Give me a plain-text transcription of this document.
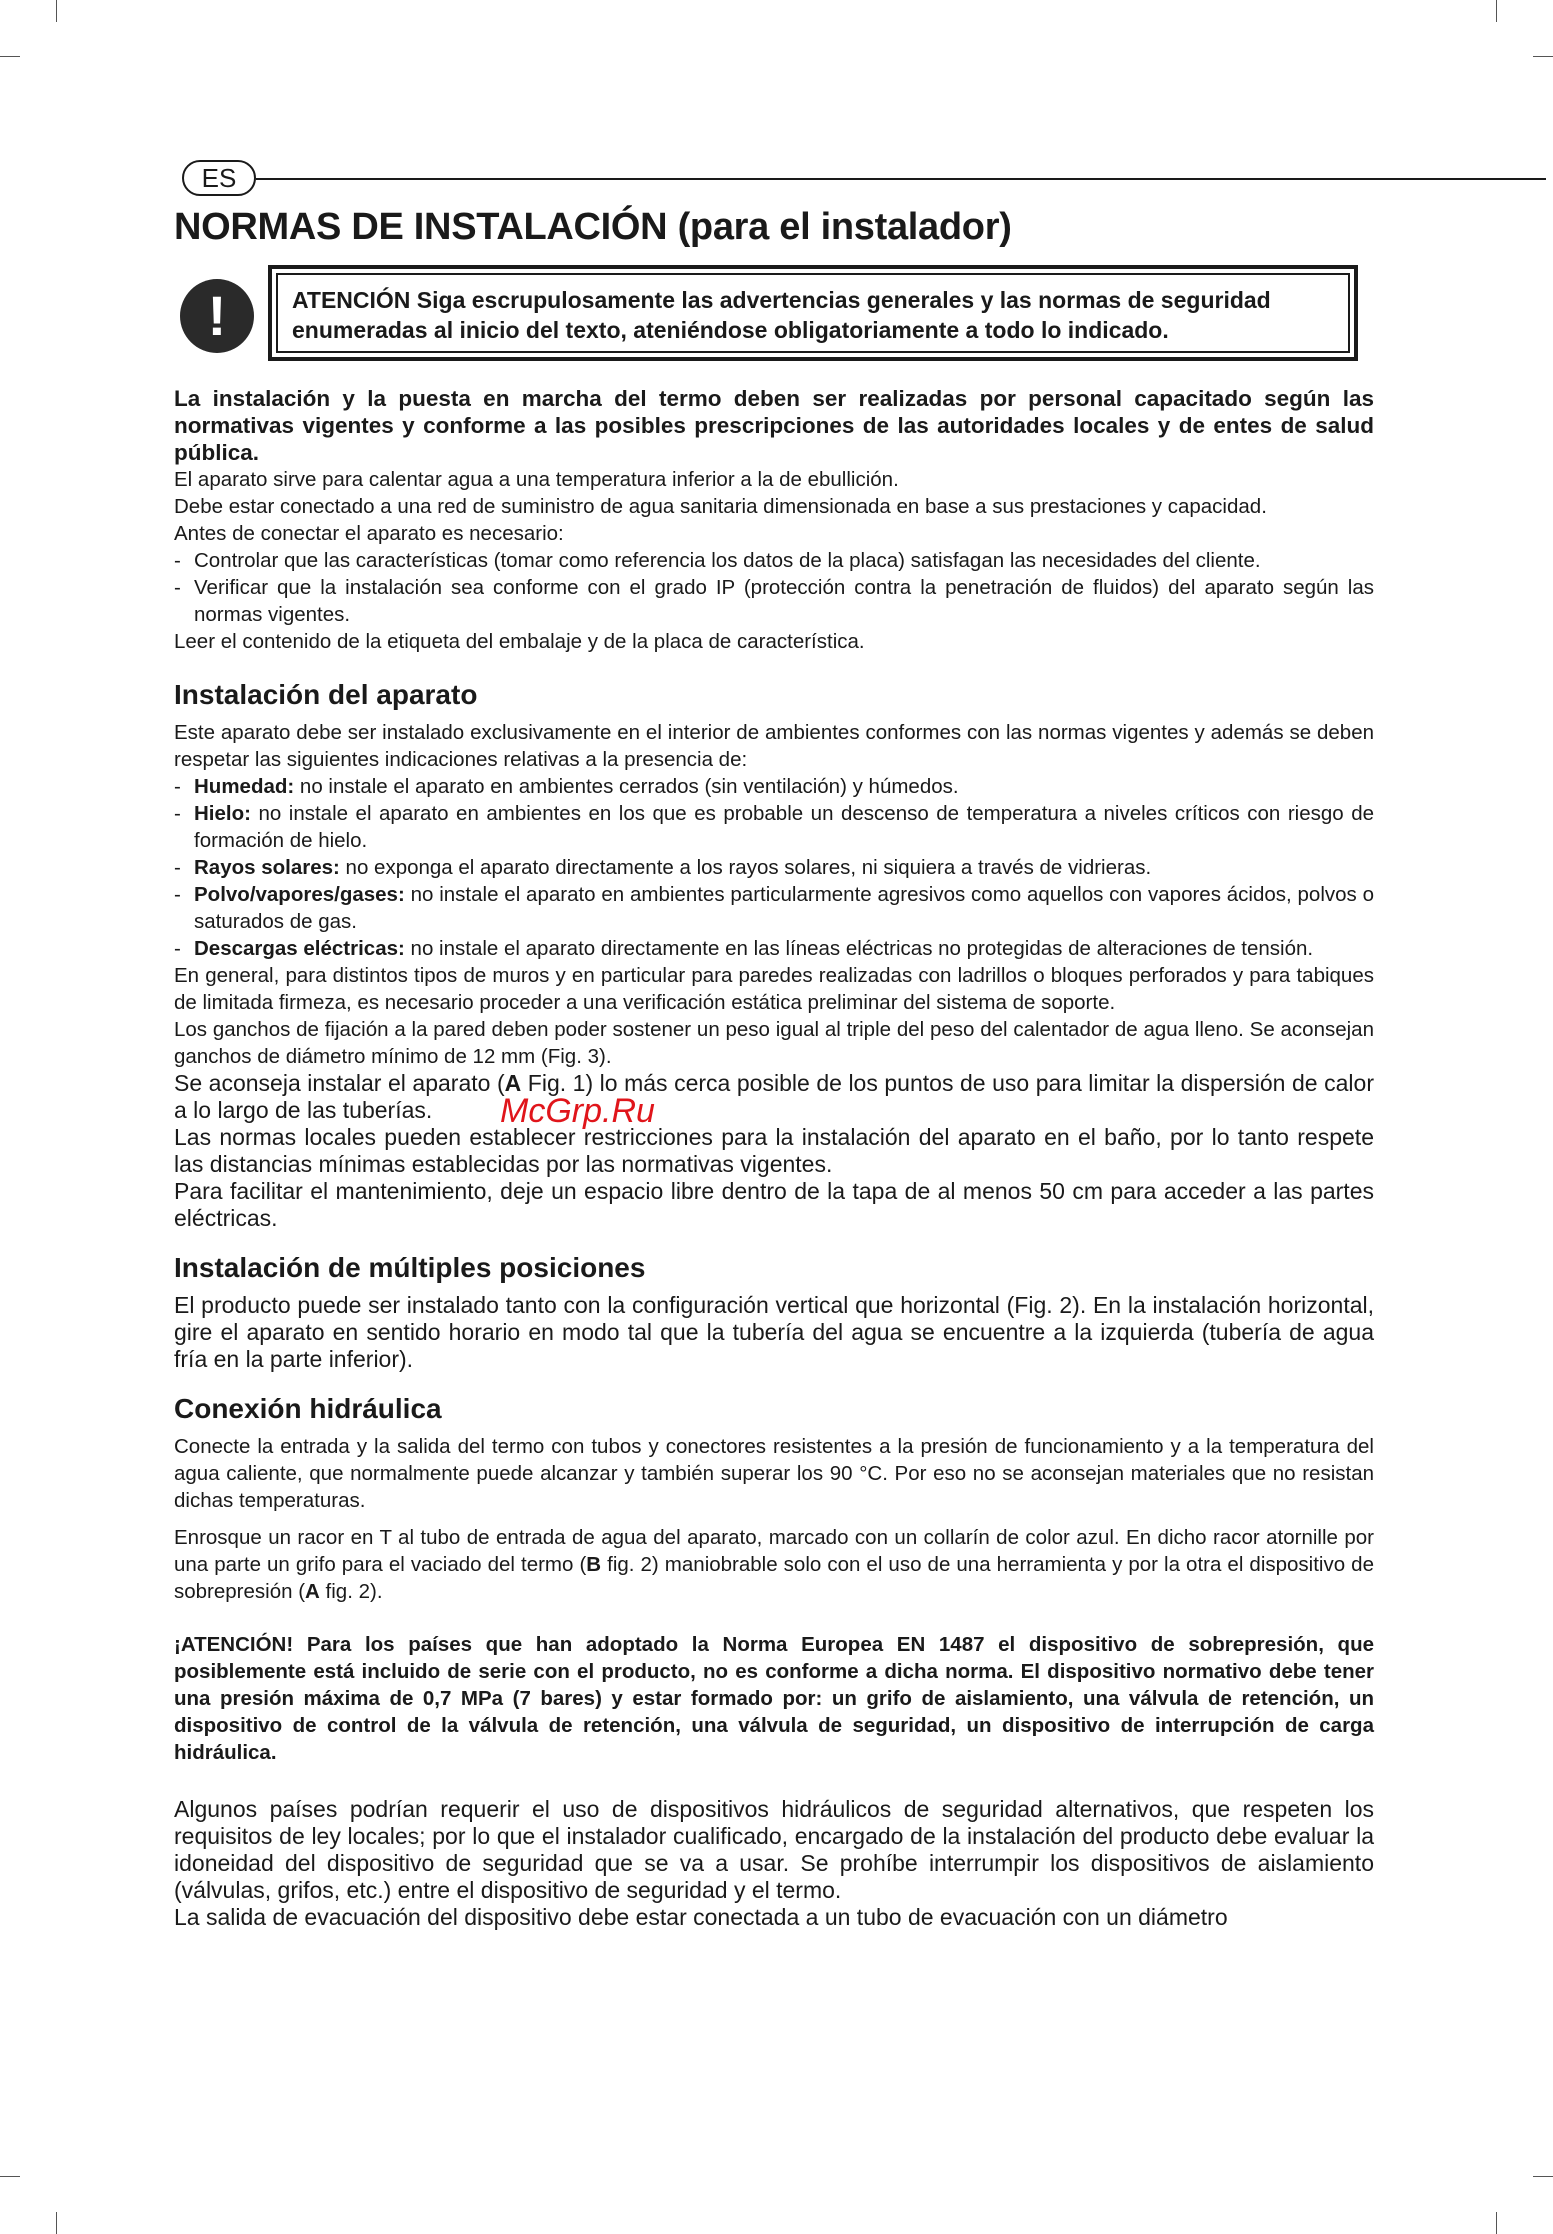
ES
NORMAS DE INSTALACIÓN (para el instalador)
!	ATENCIÓN Siga escrupulosamente las advertencias generales y las normas de seguridad enumeradas al inicio del texto, ateniéndose obligatoriamente a todo lo indicado.

La instalación y la puesta en marcha del termo deben ser realizadas por personal capacitado según las normativas vigentes y conforme a las posibles prescripciones de las autoridades locales y de entes de salud pública.

El aparato sirve para calentar agua a una temperatura inferior a la de ebullición.

Debe estar conectado a una red de suministro de agua sanitaria dimensionada en base a sus prestaciones y capacidad.

Antes de conectar el aparato es necesario:

- Controlar que las características (tomar como referencia los datos de la placa) satisfagan las necesidades del cliente.

- Verificar que la instalación sea conforme con el grado IP (protección contra la penetración de fluidos) del aparato según las normas vigentes.

Leer el contenido de la etiqueta del embalaje y de la placa de característica.

Instalación del aparato

Este aparato debe ser instalado exclusivamente en el interior de ambientes conformes con las normas vigentes y además se deben respetar las siguientes indicaciones relativas a la presencia de:

- Humedad: no instale el aparato en ambientes cerrados (sin ventilación) y húmedos.

- Hielo: no instale el aparato en ambientes en los que es probable un descenso de temperatura a niveles críticos con riesgo de formación de hielo.

- Rayos solares: no exponga el aparato directamente a los rayos solares, ni siquiera a través de vidrieras.

- Polvo/vapores/gases: no instale el aparato en ambientes particularmente agresivos como aquellos con vapores ácidos, polvos o saturados de gas.

- Descargas eléctricas: no instale el aparato directamente en las líneas eléctricas no protegidas de alteraciones de tensión.

En general, para distintos tipos de muros y en particular para paredes realizadas con ladrillos o bloques perforados y para tabiques de limitada firmeza, es necesario proceder a una verificación estática preliminar del sistema de soporte.

Los ganchos de fijación a la pared deben poder sostener un peso igual al triple del peso del calentador de agua lleno. Se aconsejan ganchos de diámetro mínimo de 12 mm (Fig. 3).

Se aconseja instalar el aparato (A Fig. 1) lo más cerca posible de los puntos de uso para limitar la dispersión de calor a lo largo de las tuberías.

Las normas locales pueden establecer restricciones para la instalación del aparato en el baño, por lo tanto respete las distancias mínimas establecidas por las normativas vigentes.

Para facilitar el mantenimiento, deje un espacio libre dentro de la tapa de al menos 50 cm para acceder a las partes eléctricas.

Instalación de múltiples posiciones

El producto puede ser instalado tanto con la configuración vertical que horizontal (Fig. 2). En la instalación horizontal, gire el aparato en sentido horario en modo tal que la tubería del agua se encuentre a la izquierda (tubería de agua fría en la parte inferior).

Conexión hidráulica

Conecte la entrada y la salida del termo con tubos y conectores resistentes a la presión de funcionamiento y a la temperatura del agua caliente, que normalmente puede alcanzar y también superar los 90 °C. Por eso no se aconsejan materiales que no resistan dichas temperaturas.

Enrosque un racor en T al tubo de entrada de agua del aparato, marcado con un collarín de color azul. En dicho racor atornille por una parte un grifo para el vaciado del termo (B fig. 2) maniobrable solo con el uso de una herramienta y por la otra el dispositivo de sobrepresión (A fig. 2).

¡ATENCIÓN! Para los países que han adoptado la Norma Europea EN 1487 el dispositivo de sobrepresión, que posiblemente está incluido de serie con el producto, no es conforme a dicha norma. El dispositivo normativo debe tener una presión máxima de 0,7 MPa (7 bares) y estar formado por: un grifo de aislamiento, una válvula de retención, un dispositivo de control de la válvula de retención, una válvula de seguridad, un dispositivo de interrupción de carga hidráulica.

Algunos países podrían requerir el uso de dispositivos hidráulicos de seguridad alternativos, que respeten los requisitos de ley locales; por lo que el instalador cualificado, encargado de la instalación del producto debe evaluar la idoneidad del dispositivo de seguridad que se va a usar. Se prohíbe interrumpir los dispositivos de aislamiento (válvulas, grifos, etc.) entre el dispositivo de seguridad y el termo.

La salida de evacuación del dispositivo debe estar conectada a un tubo de evacuación con un diámetro

McGrp.Ru
